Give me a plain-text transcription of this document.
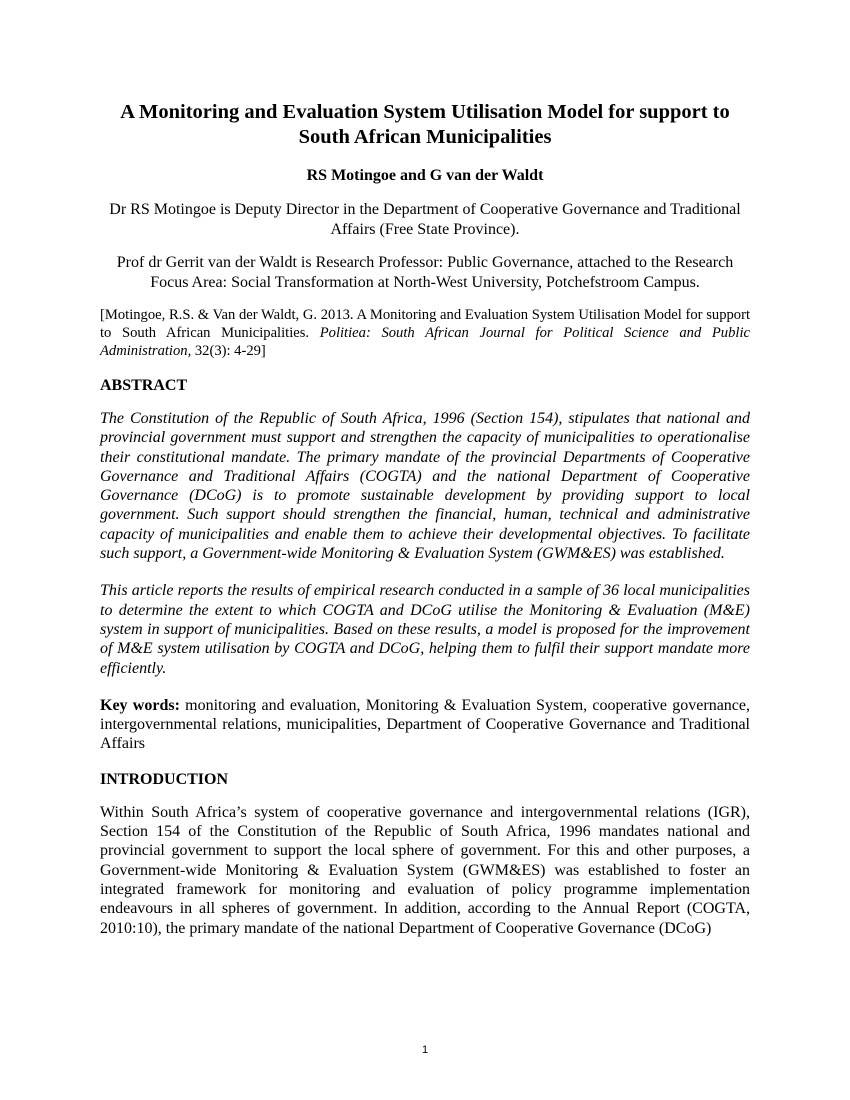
A Monitoring and Evaluation System Utilisation Model for support to South African Municipalities
RS Motingoe and G van der Waldt
Dr RS Motingoe is Deputy Director in the Department of Cooperative Governance and Traditional Affairs (Free State Province).
Prof dr Gerrit van der Waldt is Research Professor: Public Governance, attached to the Research Focus Area: Social Transformation at North-West University, Potchefstroom Campus.
[Motingoe, R.S. & Van der Waldt, G. 2013. A Monitoring and Evaluation System Utilisation Model for support to South African Municipalities. Politiea: South African Journal for Political Science and Public Administration, 32(3): 4-29]
ABSTRACT

The Constitution of the Republic of South Africa, 1996 (Section 154), stipulates that national and provincial government must support and strengthen the capacity of municipalities to operationalise their constitutional mandate. The primary mandate of the provincial Departments of Cooperative Governance and Traditional Affairs (COGTA) and the national Department of Cooperative Governance (DCoG) is to promote sustainable development by providing support to local government. Such support should strengthen the financial, human, technical and administrative capacity of municipalities and enable them to achieve their developmental objectives. To facilitate such support, a Government-wide Monitoring & Evaluation System (GWM&ES) was established.

This article reports the results of empirical research conducted in a sample of 36 local municipalities to determine the extent to which COGTA and DCoG utilise the Monitoring & Evaluation (M&E) system in support of municipalities. Based on these results, a model is proposed for the improvement of M&E system utilisation by COGTA and DCoG, helping them to fulfil their support mandate more efficiently.

Key words: monitoring and evaluation, Monitoring & Evaluation System, cooperative governance, intergovernmental relations, municipalities, Department of Cooperative Governance and Traditional Affairs

INTRODUCTION

Within South Africa’s system of cooperative governance and intergovernmental relations (IGR), Section 154 of the Constitution of the Republic of South Africa, 1996 mandates national and provincial government to support the local sphere of government. For this and other purposes, a Government-wide Monitoring & Evaluation System (GWM&ES) was established to foster an integrated framework for monitoring and evaluation of policy programme implementation endeavours in all spheres of government. In addition, according to the Annual Report (COGTA, 2010:10), the primary mandate of the national Department of Cooperative Governance (DCoG)

1
